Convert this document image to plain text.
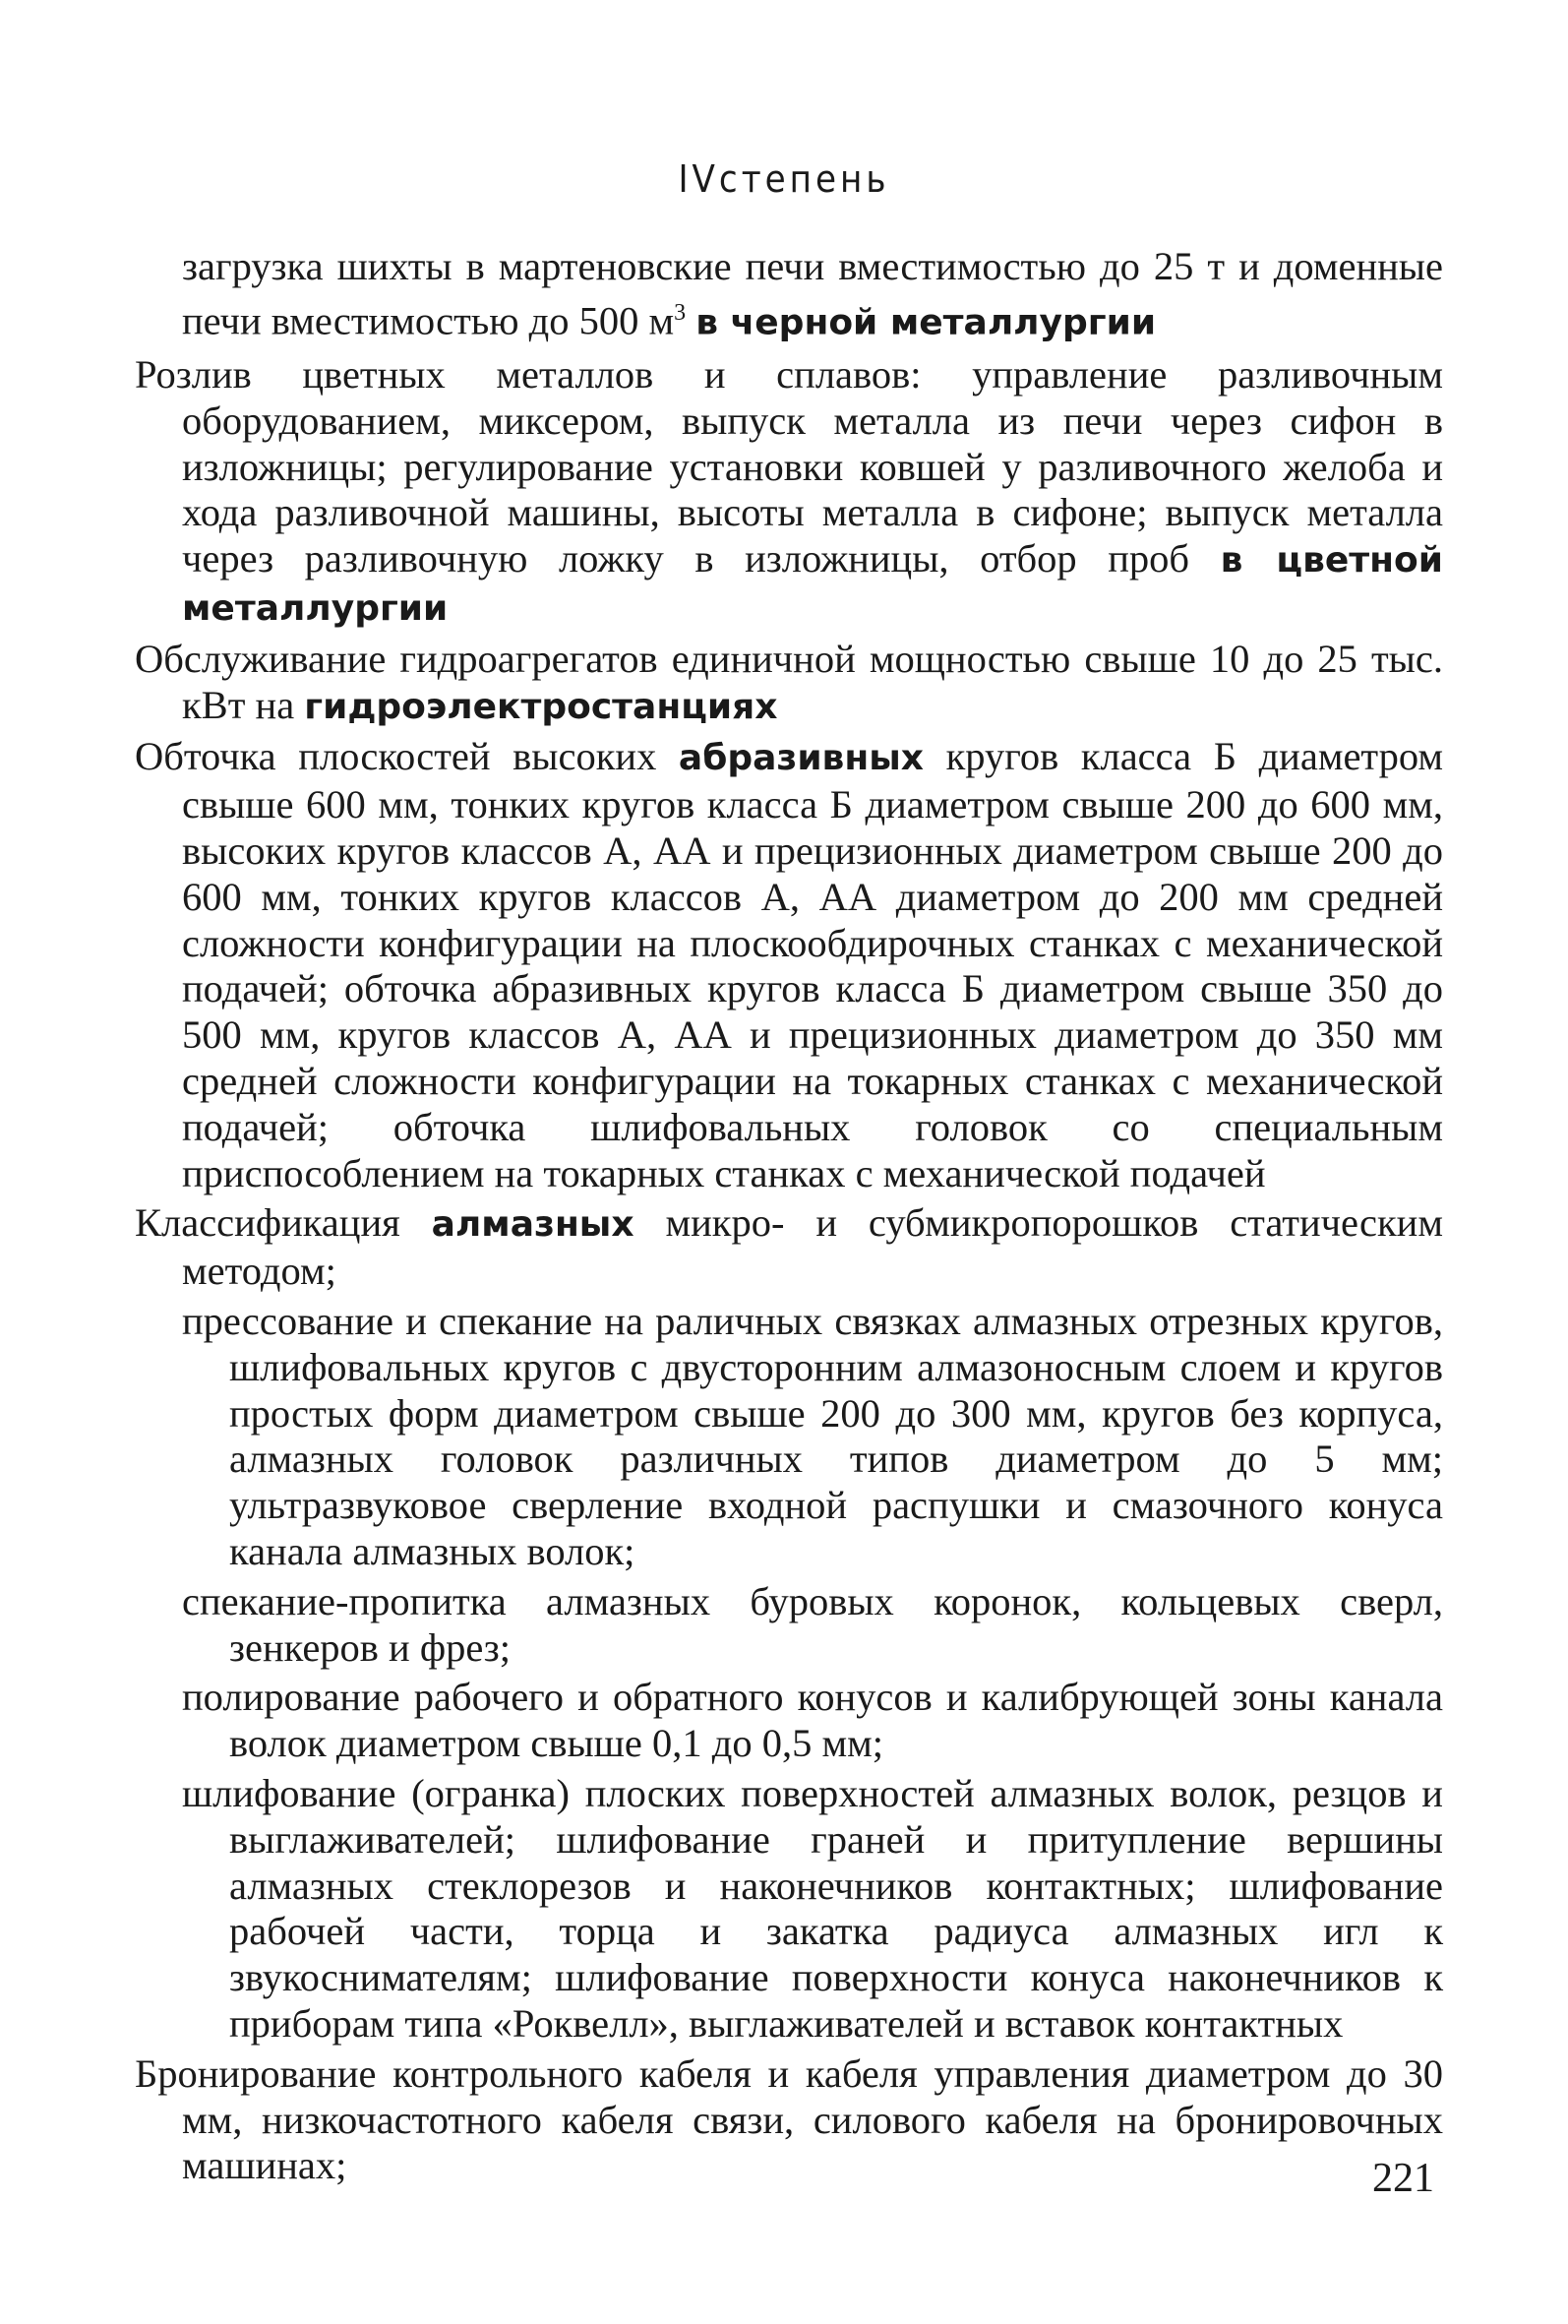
IVстепень

загрузка шихты в мартеновские печи вместимостью до 25 т и доменные печи вместимостью до 500 $м^3$ в черной металлургии

Розлив цветных металлов и сплавов: управление разливочным оборудованием, миксером, выпуск металла из печи через сифон в изложницы; регулирование установки ковшей у разливочного желоба и хода разливочной машины, высоты металла в сифоне; выпуск металла через разливочную ложку в изложницы, отбор проб в цветной металлургии

Обслуживание гидроагрегатов единичной мощностью свыше 10 до 25 тыс. кВт на гидроэлектростанциях

Обточка плоскостей высоких абразивных кругов класса Б диаметром свыше 600 мм, тонких кругов класса Б диаметром свыше 200 до 600 мм, высоких кругов классов А, АА и прецизионных диаметром свыше 200 до 600 мм, тонких кругов классов А, АА диаметром до 200 мм средней сложности конфигурации на плоскообдирочных станках с механической подачей; обточка абразивных кругов класса Б диаметром свыше 350 до 500 мм, кругов классов А, АА и прецизионных диаметром до 350 мм средней сложности конфигурации на токарных станках с механической подачей; обточка шлифовальных головок со специальным приспособлением на токарных станках с механической подачей

Классификация алмазных микро- и субмикропорошков статическим методом;

прессование и спекание на раличных связках алмазных отрезных кругов, шлифовальных кругов с двусторонним алмазоносным слоем и кругов простых форм диаметром свыше 200 до 300 мм, кругов без корпуса, алмазных головок различных типов диаметром до 5 мм; ультразвуковое сверление входной распушки и смазочного конуса канала алмазных волок;

спекание-пропитка алмазных буровых коронок, кольцевых сверл, зенкеров и фрез;

полирование рабочего и обратного конусов и калибрующей зоны канала волок диаметром свыше 0,1 до 0,5 мм;

шлифование (огранка) плоских поверхностей алмазных волок, резцов и выглаживателей; шлифование граней и притупление вершины алмазных стеклорезов и наконечников контактных; шлифование рабочей части, торца и закатка радиуса алмазных игл к звукоснимателям; шлифование поверхности конуса наконечников к приборам типа «Роквелл», выглаживателей и вставок контактных

Бронирование контрольного кабеля и кабеля управления диаметром до 30 мм, низкочастотного кабеля связи, силового кабеля на бронировочных машинах;	221
